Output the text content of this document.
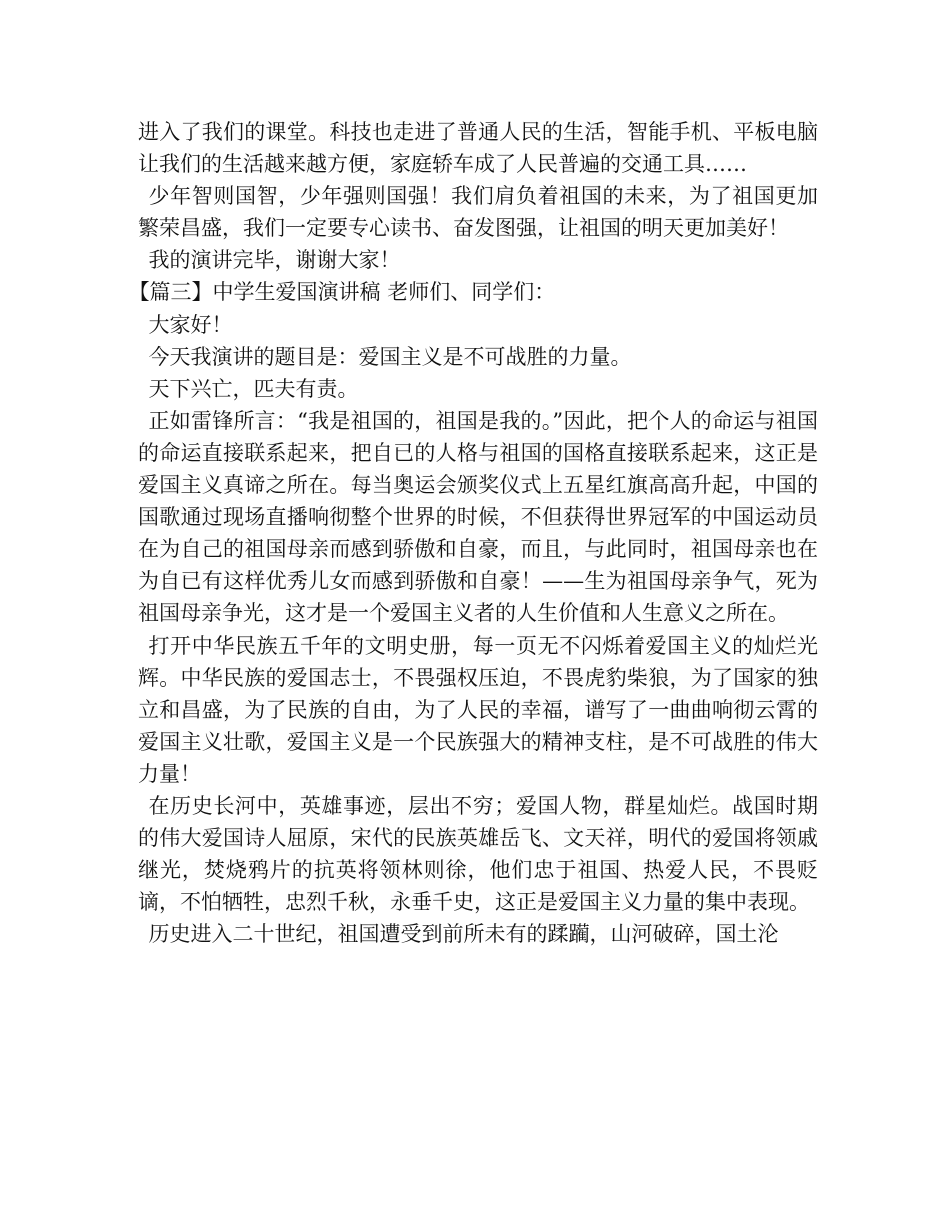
进入了我们的课堂。科技也走进了普通人民的生活，智能手机、平板电脑让我们的生活越来越方便，家庭轿车成了人民普遍的交通工具……

少年智则国智，少年强则国强！我们肩负着祖国的未来，为了祖国更加繁荣昌盛，我们一定要专心读书、奋发图强，让祖国的明天更加美好！

我的演讲完毕，谢谢大家！

【篇三】中学生爱国演讲稿 老师们、同学们：

大家好！

今天我演讲的题目是：爱国主义是不可战胜的力量。

天下兴亡，匹夫有责。

正如雷锋所言：“我是祖国的，祖国是我的。”因此，把个人的命运与祖国的命运直接联系起来，把自已的人格与祖国的国格直接联系起来，这正是爱国主义真谛之所在。每当奥运会颁奖仪式上五星红旗高高升起，中国的国歌通过现场直播响彻整个世界的时候，不但获得世界冠军的中国运动员在为自己的祖国母亲而感到骄傲和自豪，而且，与此同时，祖国母亲也在为自已有这样优秀儿女而感到骄傲和自豪！——生为祖国母亲争气，死为祖国母亲争光，这才是一个爱国主义者的人生价值和人生意义之所在。

打开中华民族五千年的文明史册，每一页无不闪烁着爱国主义的灿烂光辉。中华民族的爱国志士，不畏强权压迫，不畏虎豹柴狼，为了国家的独立和昌盛，为了民族的自由，为了人民的幸福，谱写了一曲曲响彻云霄的爱国主义壮歌，爱国主义是一个民族强大的精神支柱，是不可战胜的伟大力量！

在历史长河中，英雄事迹，层出不穷；爱国人物，群星灿烂。战国时期的伟大爱国诗人屈原，宋代的民族英雄岳飞、文天祥，明代的爱国将领戚继光，焚烧鸦片的抗英将领林则徐，他们忠于祖国、热爱人民，不畏贬谪，不怕牺牲，忠烈千秋，永垂千史，这正是爱国主义力量的集中表现。

历史进入二十世纪，祖国遭受到前所未有的蹂躏，山河破碎，国土沦
